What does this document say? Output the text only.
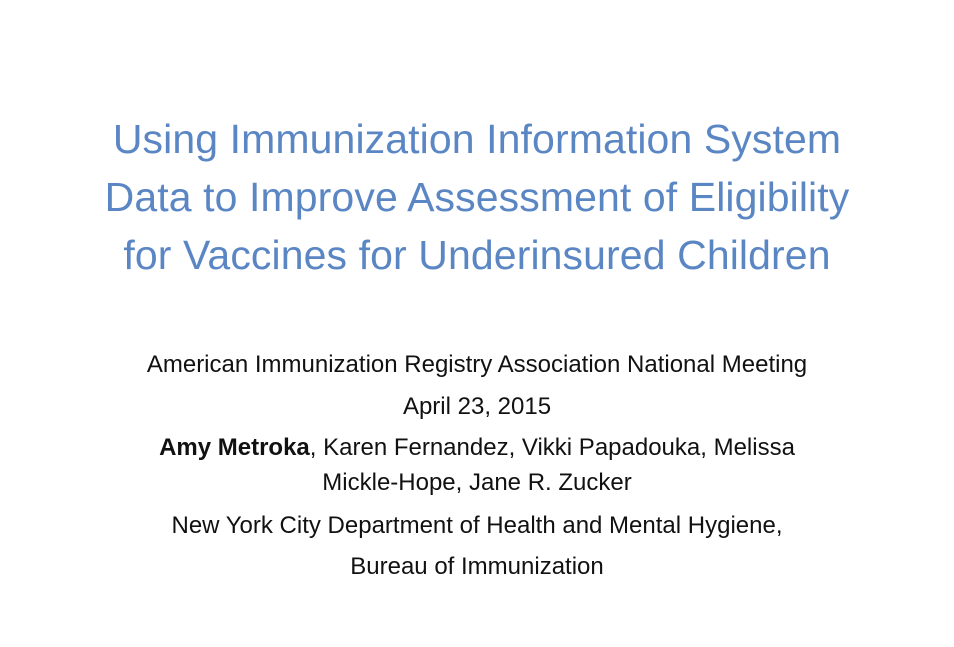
Using Immunization Information System
Data to Improve Assessment of Eligibility
for Vaccines for Underinsured Children
American Immunization Registry Association National Meeting
April 23, 2015
Amy Metroka, Karen Fernandez, Vikki Papadouka, Melissa
Mickle-Hope, Jane R. Zucker
New York City Department of Health and Mental Hygiene,
Bureau of Immunization
